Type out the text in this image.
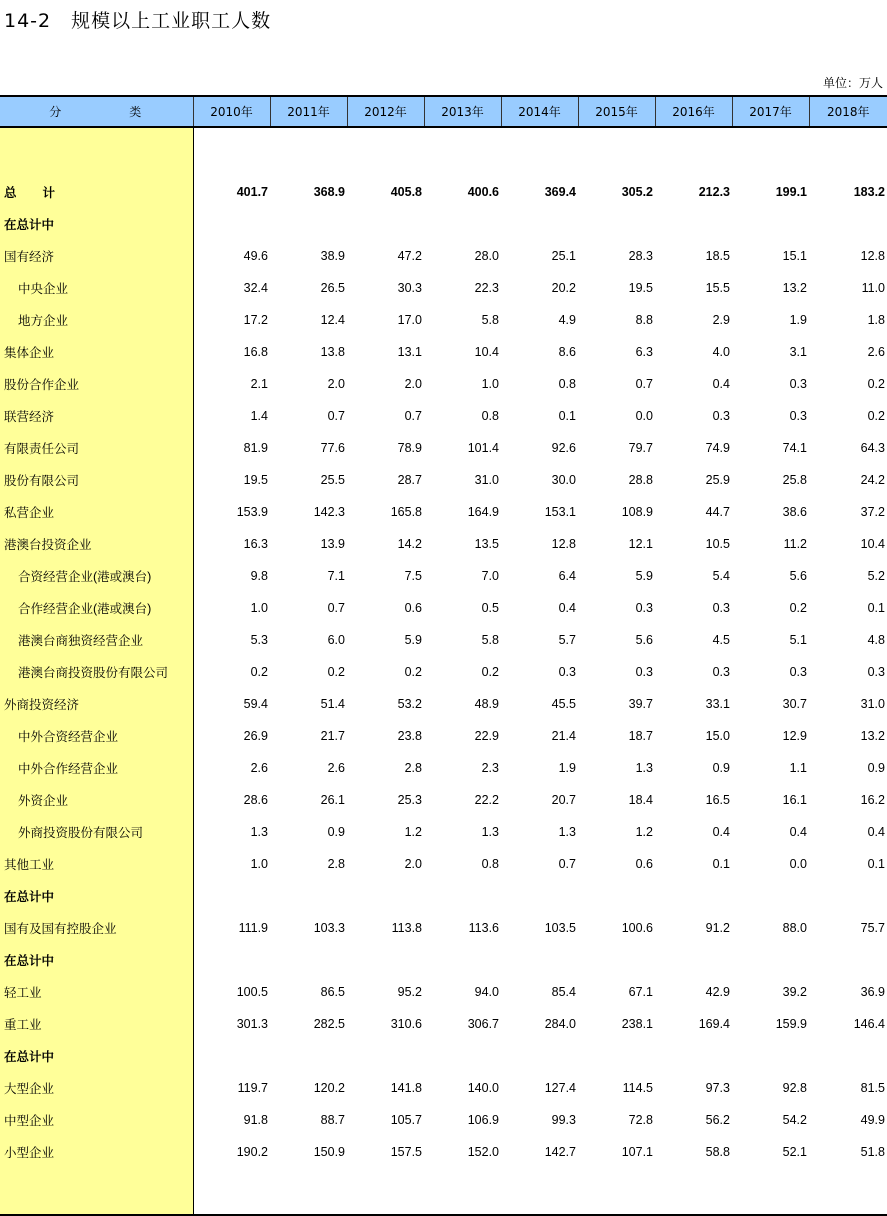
14-2　规模以上工业职工人数
单位：万人
分　类	2010年	2011年	2012年	2013年	2014年	2015年	2016年	2017年	2018年

总计	401.7	368.9	405.8	400.6	369.4	305.2	212.3	199.1	183.2
在总计中									
国有经济	49.6	38.9	47.2	28.0	25.1	28.3	18.5	15.1	12.8
中央企业	32.4	26.5	30.3	22.3	20.2	19.5	15.5	13.2	11.0
地方企业	17.2	12.4	17.0	5.8	4.9	8.8	2.9	1.9	1.8
集体企业	16.8	13.8	13.1	10.4	8.6	6.3	4.0	3.1	2.6
股份合作企业	2.1	2.0	2.0	1.0	0.8	0.7	0.4	0.3	0.2
联营经济	1.4	0.7	0.7	0.8	0.1	0.0	0.3	0.3	0.2
有限责任公司	81.9	77.6	78.9	101.4	92.6	79.7	74.9	74.1	64.3
股份有限公司	19.5	25.5	28.7	31.0	30.0	28.8	25.9	25.8	24.2
私营企业	153.9	142.3	165.8	164.9	153.1	108.9	44.7	38.6	37.2
港澳台投资企业	16.3	13.9	14.2	13.5	12.8	12.1	10.5	11.2	10.4
合资经营企业(港或澳台)	9.8	7.1	7.5	7.0	6.4	5.9	5.4	5.6	5.2
合作经营企业(港或澳台)	1.0	0.7	0.6	0.5	0.4	0.3	0.3	0.2	0.1
港澳台商独资经营企业	5.3	6.0	5.9	5.8	5.7	5.6	4.5	5.1	4.8
港澳台商投资股份有限公司	0.2	0.2	0.2	0.2	0.3	0.3	0.3	0.3	0.3
外商投资经济	59.4	51.4	53.2	48.9	45.5	39.7	33.1	30.7	31.0
中外合资经营企业	26.9	21.7	23.8	22.9	21.4	18.7	15.0	12.9	13.2
中外合作经营企业	2.6	2.6	2.8	2.3	1.9	1.3	0.9	1.1	0.9
外资企业	28.6	26.1	25.3	22.2	20.7	18.4	16.5	16.1	16.2
外商投资股份有限公司	1.3	0.9	1.2	1.3	1.3	1.2	0.4	0.4	0.4
其他工业	1.0	2.8	2.0	0.8	0.7	0.6	0.1	0.0	0.1
在总计中									
国有及国有控股企业	111.9	103.3	113.8	113.6	103.5	100.6	91.2	88.0	75.7
在总计中									
轻工业	100.5	86.5	95.2	94.0	85.4	67.1	42.9	39.2	36.9
重工业	301.3	282.5	310.6	306.7	284.0	238.1	169.4	159.9	146.4
在总计中									
大型企业	119.7	120.2	141.8	140.0	127.4	114.5	97.3	92.8	81.5
中型企业	91.8	88.7	105.7	106.9	99.3	72.8	56.2	54.2	49.9
小型企业	190.2	150.9	157.5	152.0	142.7	107.1	58.8	52.1	51.8
